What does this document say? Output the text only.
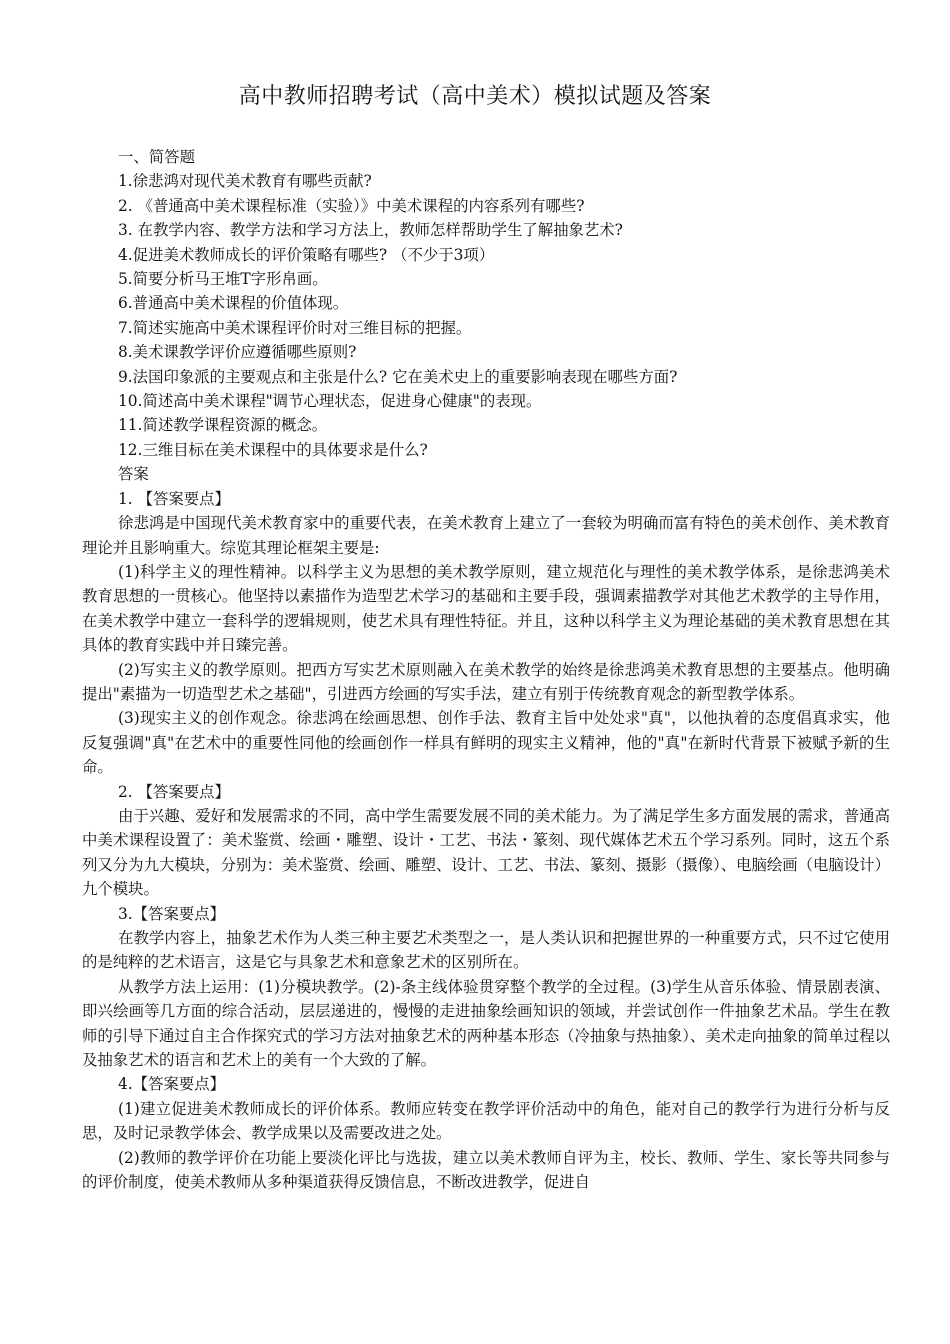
高中教师招聘考试（高中美术）模拟试题及答案

一、简答题

1.徐悲鸿对现代美术教育有哪些贡献?

2. 《普通高中美术课程标准（实验）》中美术课程的内容系列有哪些?

3. 在教学内容、教学方法和学习方法上，教师怎样帮助学生了解抽象艺术?

4.促进美术教师成长的评价策略有哪些? （不少于3项）

5.简要分析马王堆T字形帛画。

6.普通高中美术课程的价值体现。

7.简述实施高中美术课程评价时对三维目标的把握。

8.美术课教学评价应遵循哪些原则?

9.法国印象派的主要观点和主张是什么? 它在美术史上的重要影响表现在哪些方面?

10.简述高中美术课程"调节心理状态，促进身心健康"的表现。

11.简述教学课程资源的概念。

12.三维目标在美术课程中的具体要求是什么?

答案

1. 【答案要点】

徐悲鸿是中国现代美术教育家中的重要代表，在美术教育上建立了一套较为明确而富有特色的美术创作、美术教育理论并且影响重大。综览其理论框架主要是:

(1)科学主义的理性精神。以科学主义为思想的美术教学原则，建立规范化与理性的美术教学体系，是徐悲鸿美术教育思想的一贯核心。他坚持以素描作为造型艺术学习的基础和主要手段，强调素描教学对其他艺术教学的主导作用，在美术教学中建立一套科学的逻辑规则，使艺术具有理性特征。并且，这种以科学主义为理论基础的美术教育思想在其具体的教育实践中并日臻完善。

(2)写实主义的教学原则。把西方写实艺术原则融入在美术教学的始终是徐悲鸿美术教育思想的主要基点。他明确提出"素描为一切造型艺术之基础"，引进西方绘画的写实手法，建立有别于传统教育观念的新型教学体系。

(3)现实主义的创作观念。徐悲鸿在绘画思想、创作手法、教育主旨中处处求"真"，以他执着的态度倡真求实，他反复强调"真"在艺术中的重要性同他的绘画创作一样具有鲜明的现实主义精神，他的"真"在新时代背景下被赋予新的生命。

2. 【答案要点】

由于兴趣、爱好和发展需求的不同，高中学生需要发展不同的美术能力。为了满足学生多方面发展的需求，普通高中美术课程设置了：美术鉴赏、绘画・雕塑、设计・工艺、书法・篆刻、现代媒体艺术五个学习系列。同时，这五个系列又分为九大模块，分别为：美术鉴赏、绘画、雕塑、设计、工艺、书法、篆刻、摄影（摄像）、电脑绘画（电脑设计）九个模块。

3.【答案要点】

在教学内容上，抽象艺术作为人类三种主要艺术类型之一，是人类认识和把握世界的一种重要方式，只不过它使用的是纯粹的艺术语言，这是它与具象艺术和意象艺术的区别所在。

从教学方法上运用：(1)分模块教学。(2)-条主线体验贯穿整个教学的全过程。(3)学生从音乐体验、情景剧表演、即兴绘画等几方面的综合活动，层层递进的，慢慢的走进抽象绘画知识的领域，并尝试创作一件抽象艺术品。学生在教师的引导下通过自主合作探究式的学习方法对抽象艺术的两种基本形态（冷抽象与热抽象）、美术走向抽象的简单过程以及抽象艺术的语言和艺术上的美有一个大致的了解。

4.【答案要点】

(1)建立促进美术教师成长的评价体系。教师应转变在教学评价活动中的角色，能对自己的教学行为进行分析与反思，及时记录教学体会、教学成果以及需要改进之处。

(2)教师的教学评价在功能上要淡化评比与选拔，建立以美术教师自评为主，校长、教师、学生、家长等共同参与的评价制度，使美术教师从多种渠道获得反馈信息，不断改进教学，促进自
